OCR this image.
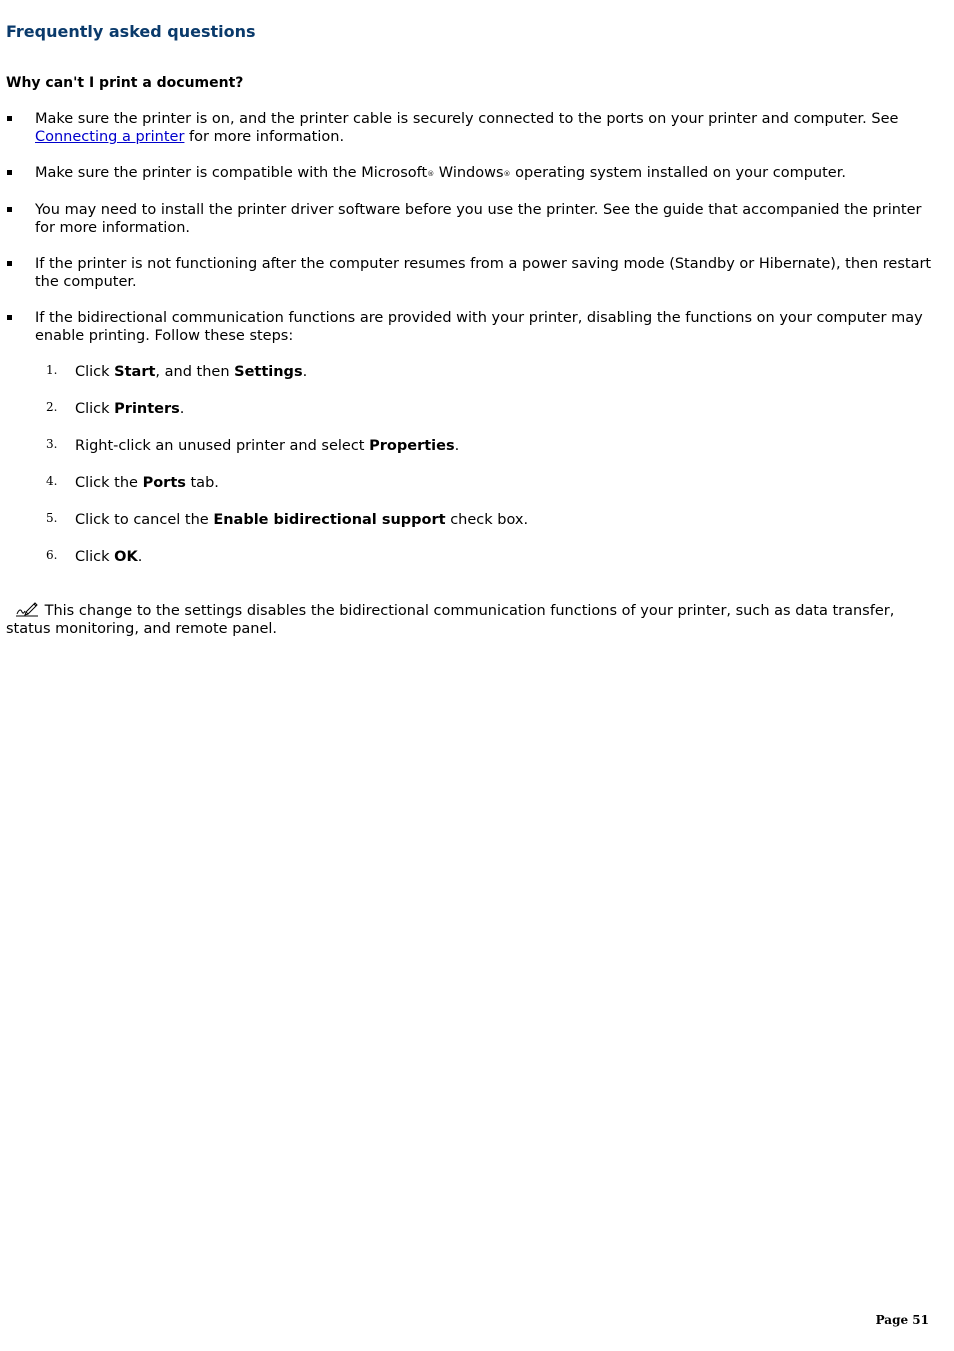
Frequently asked questions
Why can't I print a document?
Make sure the printer is on, and the printer cable is securely connected to the ports on your printer and computer. See Connecting a printer for more information.
Make sure the printer is compatible with the Microsoft® Windows® operating system installed on your computer.
You may need to install the printer driver software before you use the printer. See the guide that accompanied the printer for more information.
If the printer is not functioning after the computer resumes from a power saving mode (Standby or Hibernate), then restart the computer.
If the bidirectional communication functions are provided with your printer, disabling the functions on your computer may enable printing. Follow these steps:
1. Click Start, and then Settings.
2. Click Printers.
3. Right-click an unused printer and select Properties.
4. Click the Ports tab.
5. Click to cancel the Enable bidirectional support check box.
6. Click OK.

This change to the settings disables the bidirectional communication functions of your printer, such as data transfer, status monitoring, and remote panel.

Page 51
